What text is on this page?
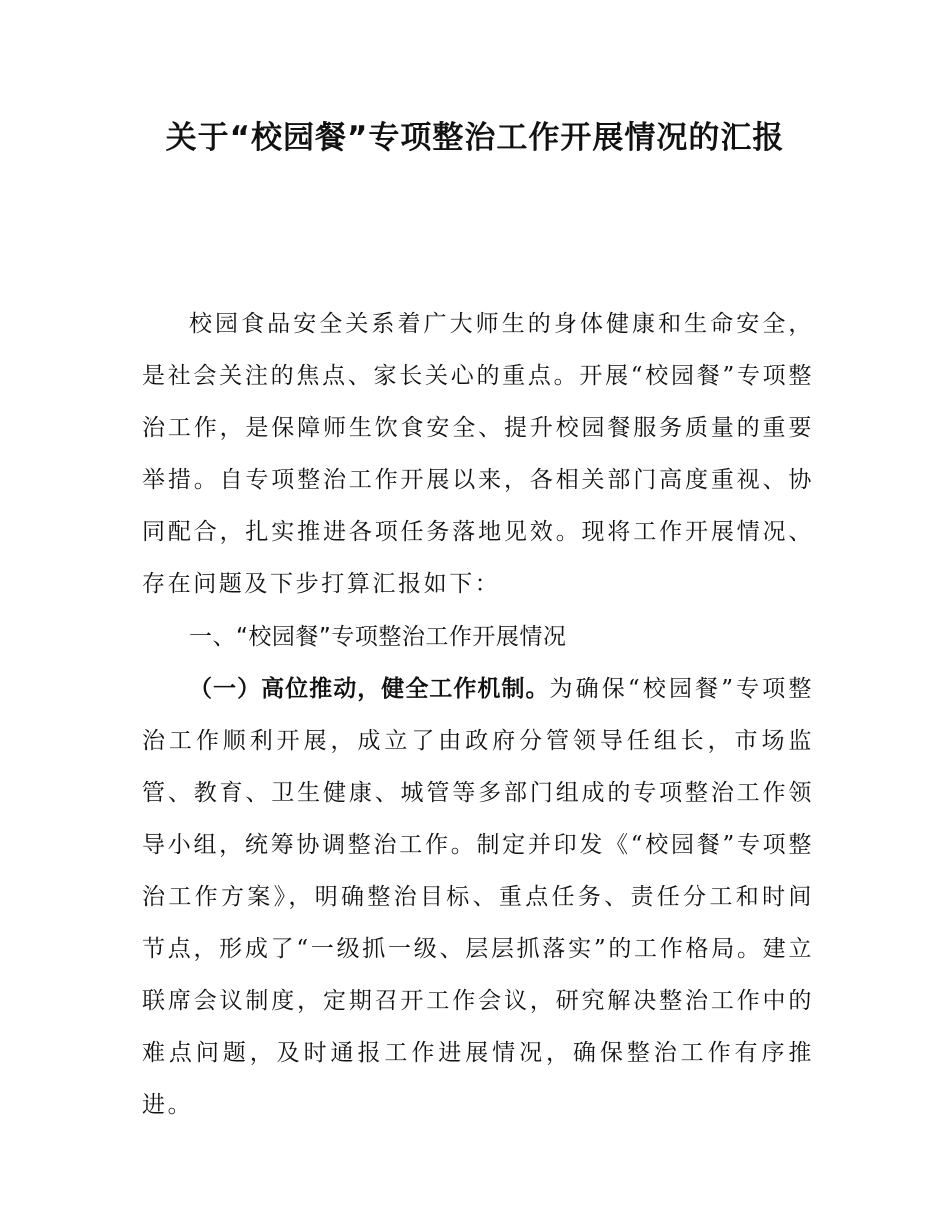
关于“校园餐”专项整治工作开展情况的汇报

校园食品安全关系着广大师生的身体健康和生命安全，是社会关注的焦点、家长关心的重点。开展“校园餐”专项整治工作，是保障师生饮食安全、提升校园餐服务质量的重要举措。自专项整治工作开展以来，各相关部门高度重视、协同配合，扎实推进各项任务落地见效。现将工作开展情况、存在问题及下步打算汇报如下：

一、“校园餐”专项整治工作开展情况

（一）高位推动，健全工作机制。为确保“校园餐”专项整治工作顺利开展，成立了由政府分管领导任组长，市场监管、教育、卫生健康、城管等多部门组成的专项整治工作领导小组，统筹协调整治工作。制定并印发《“校园餐”专项整治工作方案》，明确整治目标、重点任务、责任分工和时间节点，形成了“一级抓一级、层层抓落实”的工作格局。建立联席会议制度，定期召开工作会议，研究解决整治工作中的难点问题，及时通报工作进展情况，确保整治工作有序推进。
